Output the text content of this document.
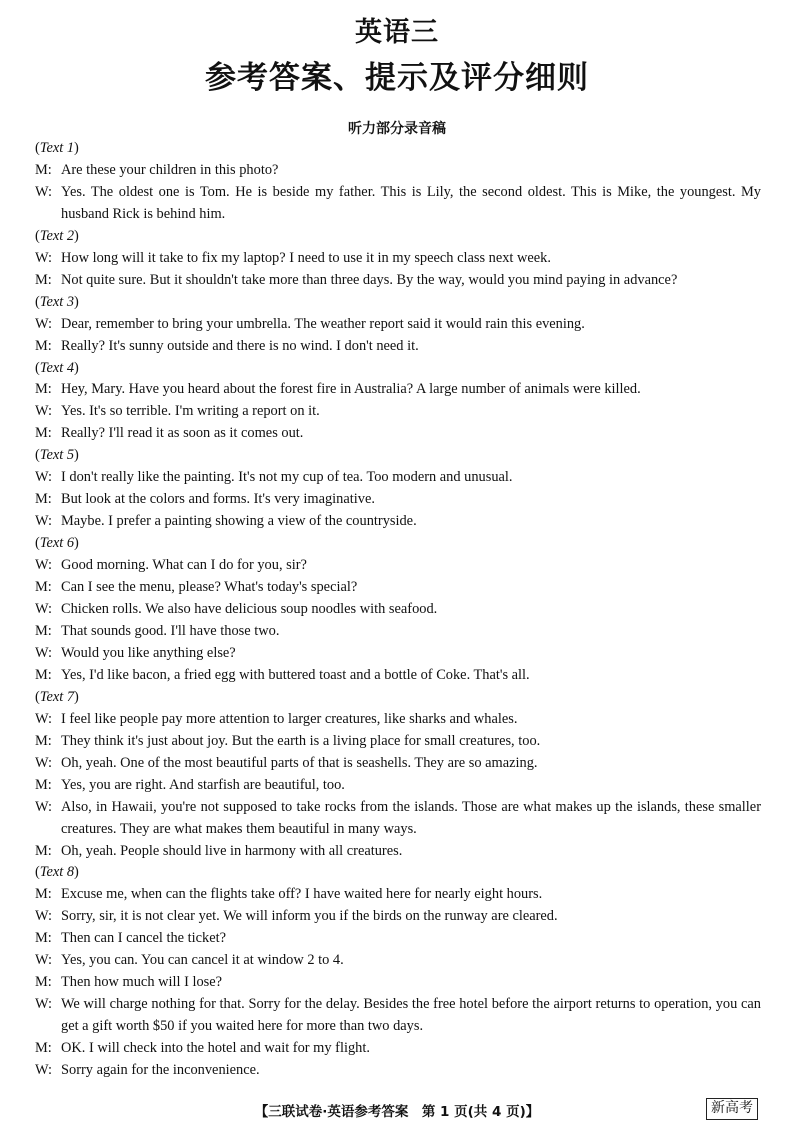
英语三
参考答案、提示及评分细则
听力部分录音稿
(Text 1)
M: Are these your children in this photo?
W: Yes. The oldest one is Tom. He is beside my father. This is Lily, the second oldest. This is Mike, the youngest. My husband Rick is behind him.
(Text 2)
W: How long will it take to fix my laptop? I need to use it in my speech class next week.
M: Not quite sure. But it shouldn't take more than three days. By the way, would you mind paying in advance?
(Text 3)
W: Dear, remember to bring your umbrella. The weather report said it would rain this evening.
M: Really? It's sunny outside and there is no wind. I don't need it.
(Text 4)
M: Hey, Mary. Have you heard about the forest fire in Australia? A large number of animals were killed.
W: Yes. It's so terrible. I'm writing a report on it.
M: Really? I'll read it as soon as it comes out.
(Text 5)
W: I don't really like the painting. It's not my cup of tea. Too modern and unusual.
M: But look at the colors and forms. It's very imaginative.
W: Maybe. I prefer a painting showing a view of the countryside.
(Text 6)
W: Good morning. What can I do for you, sir?
M: Can I see the menu, please? What's today's special?
W: Chicken rolls. We also have delicious soup noodles with seafood.
M: That sounds good. I'll have those two.
W: Would you like anything else?
M: Yes, I'd like bacon, a fried egg with buttered toast and a bottle of Coke. That's all.
(Text 7)
W: I feel like people pay more attention to larger creatures, like sharks and whales.
M: They think it's just about joy. But the earth is a living place for small creatures, too.
W: Oh, yeah. One of the most beautiful parts of that is seashells. They are so amazing.
M: Yes, you are right. And starfish are beautiful, too.
W: Also, in Hawaii, you're not supposed to take rocks from the islands. Those are what makes up the islands, these smaller creatures. They are what makes them beautiful in many ways.
M: Oh, yeah. People should live in harmony with all creatures.
(Text 8)
M: Excuse me, when can the flights take off? I have waited here for nearly eight hours.
W: Sorry, sir, it is not clear yet. We will inform you if the birds on the runway are cleared.
M: Then can I cancel the ticket?
W: Yes, you can. You can cancel it at window 2 to 4.
M: Then how much will I lose?
W: We will charge nothing for that. Sorry for the delay. Besides the free hotel before the airport returns to operation, you can get a gift worth $50 if you waited here for more than two days.
M: OK. I will check into the hotel and wait for my flight.
W: Sorry again for the inconvenience.
【三联试卷·英语参考答案　第 1 页(共 4 页)】	新高考
